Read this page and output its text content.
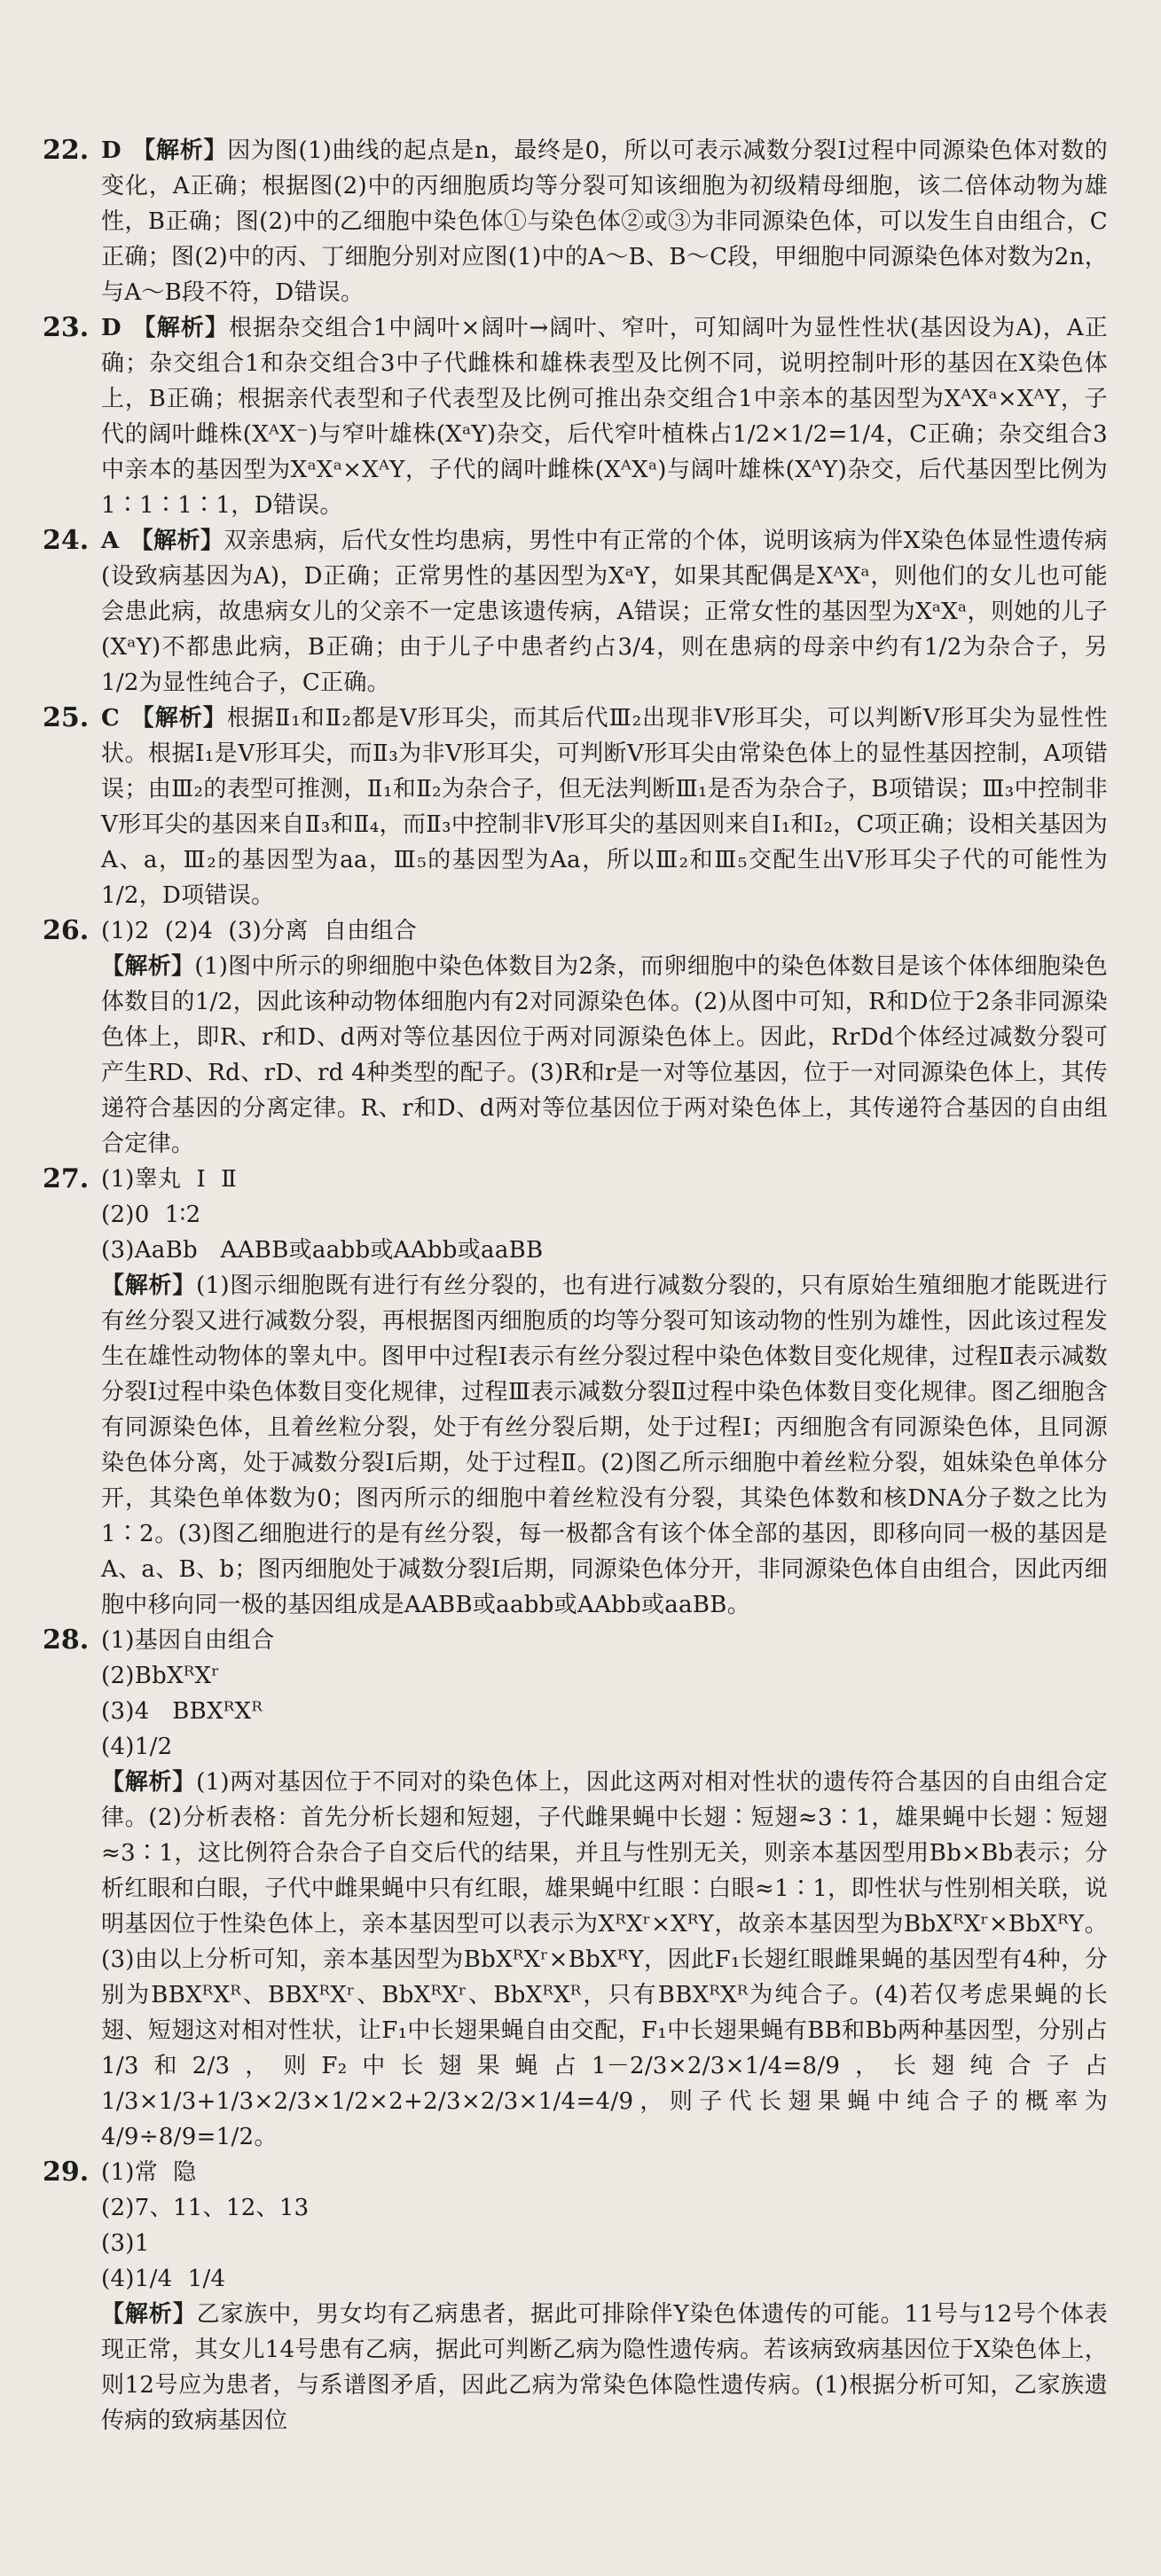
22. D 【解析】因为图(1)曲线的起点是n，最终是0，所以可表示减数分裂Ⅰ过程中同源染色体对数的变化，A正确；根据图(2)中的丙细胞质均等分裂可知该细胞为初级精母细胞，该二倍体动物为雄性，B正确；图(2)中的乙细胞中染色体①与染色体②或③为非同源染色体，可以发生自由组合，C正确；图(2)中的丙、丁细胞分别对应图(1)中的A～B、B～C段，甲细胞中同源染色体对数为2n，与A～B段不符，D错误。
23. D 【解析】根据杂交组合1中阔叶×阔叶→阔叶、窄叶，可知阔叶为显性性状(基因设为A)，A正确；杂交组合1和杂交组合3中子代雌株和雄株表型及比例不同，说明控制叶形的基因在X染色体上，B正确；根据亲代表型和子代表型及比例可推出杂交组合1中亲本的基因型为XᴬXᵃ×XᴬY，子代的阔叶雌株(XᴬX⁻)与窄叶雄株(XᵃY)杂交，后代窄叶植株占1/2×1/2=1/4，C正确；杂交组合3中亲本的基因型为XᵃXᵃ×XᴬY，子代的阔叶雌株(XᴬXᵃ)与阔叶雄株(XᴬY)杂交，后代基因型比例为1∶1∶1∶1，D错误。
24. A 【解析】双亲患病，后代女性均患病，男性中有正常的个体，说明该病为伴X染色体显性遗传病(设致病基因为A)，D正确；正常男性的基因型为XᵃY，如果其配偶是XᴬXᵃ，则他们的女儿也可能会患此病，故患病女儿的父亲不一定患该遗传病，A错误；正常女性的基因型为XᵃXᵃ，则她的儿子(XᵃY)不都患此病，B正确；由于儿子中患者约占3/4，则在患病的母亲中约有1/2为杂合子，另1/2为显性纯合子，C正确。
25. C 【解析】根据Ⅱ₁和Ⅱ₂都是V形耳尖，而其后代Ⅲ₂出现非V形耳尖，可以判断V形耳尖为显性性状。根据Ⅰ₁是V形耳尖，而Ⅱ₃为非V形耳尖，可判断V形耳尖由常染色体上的显性基因控制，A项错误；由Ⅲ₂的表型可推测，Ⅱ₁和Ⅱ₂为杂合子，但无法判断Ⅲ₁是否为杂合子，B项错误；Ⅲ₃中控制非V形耳尖的基因来自Ⅱ₃和Ⅱ₄，而Ⅱ₃中控制非V形耳尖的基因则来自Ⅰ₁和Ⅰ₂，C项正确；设相关基因为A、a，Ⅲ₂的基因型为aa，Ⅲ₅的基因型为Aa，所以Ⅲ₂和Ⅲ₅交配生出V形耳尖子代的可能性为1/2，D项错误。
26. (1)2  (2)4  (3)分离  自由组合
【解析】(1)图中所示的卵细胞中染色体数目为2条，而卵细胞中的染色体数目是该个体体细胞染色体数目的1/2，因此该种动物体细胞内有2对同源染色体。(2)从图中可知，R和D位于2条非同源染色体上，即R、r和D、d两对等位基因位于两对同源染色体上。因此，RrDd个体经过减数分裂可产生RD、Rd、rD、rd 4种类型的配子。(3)R和r是一对等位基因，位于一对同源染色体上，其传递符合基因的分离定律。R、r和D、d两对等位基因位于两对染色体上，其传递符合基因的自由组合定律。
27. (1)睾丸  Ⅰ  Ⅱ
(2)0  1∶2
(3)AaBb   AABB或aabb或AAbb或aaBB
【解析】(1)图示细胞既有进行有丝分裂的，也有进行减数分裂的，只有原始生殖细胞才能既进行有丝分裂又进行减数分裂，再根据图丙细胞质的均等分裂可知该动物的性别为雄性，因此该过程发生在雄性动物体的睾丸中。图甲中过程Ⅰ表示有丝分裂过程中染色体数目变化规律，过程Ⅱ表示减数分裂Ⅰ过程中染色体数目变化规律，过程Ⅲ表示减数分裂Ⅱ过程中染色体数目变化规律。图乙细胞含有同源染色体，且着丝粒分裂，处于有丝分裂后期，处于过程Ⅰ；丙细胞含有同源染色体，且同源染色体分离，处于减数分裂Ⅰ后期，处于过程Ⅱ。(2)图乙所示细胞中着丝粒分裂，姐妹染色单体分开，其染色单体数为0；图丙所示的细胞中着丝粒没有分裂，其染色体数和核DNA分子数之比为1∶2。(3)图乙细胞进行的是有丝分裂，每一极都含有该个体全部的基因，即移向同一极的基因是A、a、B、b；图丙细胞处于减数分裂Ⅰ后期，同源染色体分开，非同源染色体自由组合，因此丙细胞中移向同一极的基因组成是AABB或aabb或AAbb或aaBB。
28. (1)基因自由组合
(2)BbXᴿXʳ
(3)4   BBXᴿXᴿ
(4)1/2
【解析】(1)两对基因位于不同对的染色体上，因此这两对相对性状的遗传符合基因的自由组合定律。(2)分析表格：首先分析长翅和短翅，子代雌果蝇中长翅∶短翅≈3∶1，雄果蝇中长翅∶短翅≈3∶1，这比例符合杂合子自交后代的结果，并且与性别无关，则亲本基因型用Bb×Bb表示；分析红眼和白眼，子代中雌果蝇中只有红眼，雄果蝇中红眼∶白眼≈1∶1，即性状与性别相关联，说明基因位于性染色体上，亲本基因型可以表示为XᴿXʳ×XᴿY，故亲本基因型为BbXᴿXʳ×BbXᴿY。(3)由以上分析可知，亲本基因型为BbXᴿXʳ×BbXᴿY，因此F₁长翅红眼雌果蝇的基因型有4种，分别为BBXᴿXᴿ、BBXᴿXʳ、BbXᴿXʳ、BbXᴿXᴿ，只有BBXᴿXᴿ为纯合子。(4)若仅考虑果蝇的长翅、短翅这对相对性状，让F₁中长翅果蝇自由交配，F₁中长翅果蝇有BB和Bb两种基因型，分别占1/3和2/3，则F₂中长翅果蝇占1－2/3×2/3×1/4=8/9，长翅纯合子占1/3×1/3+1/3×2/3×1/2×2+2/3×2/3×1/4=4/9，则子代长翅果蝇中纯合子的概率为4/9÷8/9=1/2。
29. (1)常  隐
(2)7、11、12、13
(3)1
(4)1/4  1/4
【解析】乙家族中，男女均有乙病患者，据此可排除伴Y染色体遗传的可能。11号与12号个体表现正常，其女儿14号患有乙病，据此可判断乙病为隐性遗传病。若该病致病基因位于X染色体上，则12号应为患者，与系谱图矛盾，因此乙病为常染色体隐性遗传病。(1)根据分析可知，乙家族遗传病的致病基因位
